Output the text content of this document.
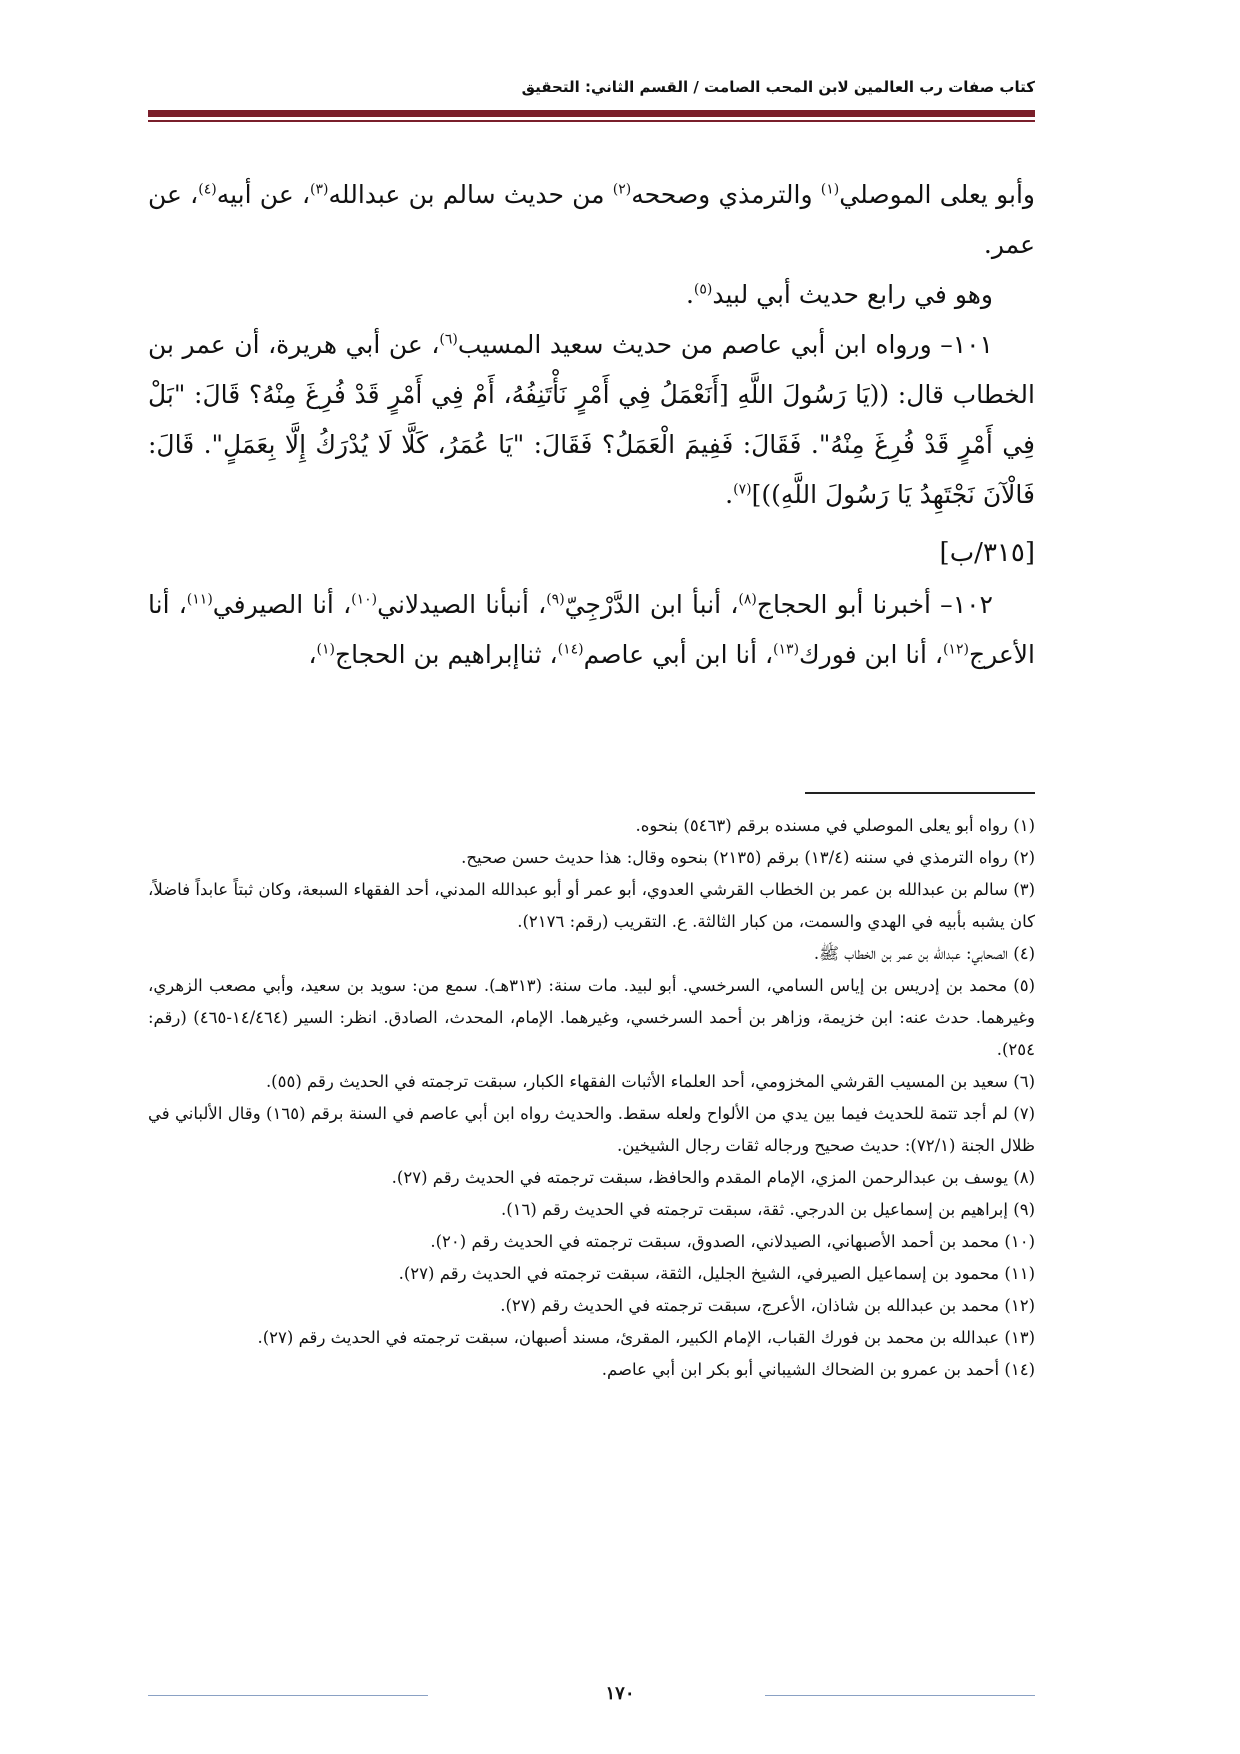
كتاب صفات رب العالمين لابن المحب الصامت / القسم الثاني: التحقيق

وأبو يعلى الموصلي$^{(١)}$ والترمذي وصححه$^{(٢)}$ من حديث سالم بن عبدالله$^{(٣)}$، عن أبيه$^{(٤)}$، عن عمر.

وهو في رابع حديث أبي لبيد$^{(٥)}$.

١٠١– ورواه ابن أبي عاصم من حديث سعيد المسيب$^{(٦)}$، عن أبي هريرة، أن عمر بن الخطاب قال: ((يَا رَسُولَ اللَّهِ [أَنَعْمَلُ فِي أَمْرٍ نَأْتَنِفُهُ، أَمْ فِي أَمْرٍ قَدْ فُرِغَ مِنْهُ؟ قَالَ: "بَلْ فِي أَمْرٍ قَدْ فُرِغَ مِنْهُ". فَقَالَ: فَفِيمَ الْعَمَلُ؟ فَقَالَ: "يَا عُمَرُ، كَلَّا لَا يُدْرَكُ إِلَّا بِعَمَلٍ". قَالَ: فَالْآنَ نَجْتَهِدُ يَا رَسُولَ اللَّهِ))]$^{(٧)}$.

[٣١٥/ب]

١٠٢– أخبرنا أبو الحجاج$^{(٨)}$، أنبأ ابن الدَّرْجِيّ$^{(٩)}$، أنبأنا الصيدلاني$^{(١٠)}$، أنا الصيرفي$^{(١١)}$، أنا الأعرج$^{(١٢)}$، أنا ابن فورك$^{(١٣)}$، أنا ابن أبي عاصم$^{(١٤)}$، ثناإبراهيم بن الحجاج$^{(١)}$،

(١) رواه أبو يعلى الموصلي في مسنده برقم (٥٤٦٣) بنحوه.
(٢) رواه الترمذي في سننه (١٣/٤) برقم (٢١٣٥) بنحوه وقال: هذا حديث حسن صحيح.
(٣) سالم بن عبدالله بن عمر بن الخطاب القرشي العدوي، أبو عمر أو أبو عبدالله المدني، أحد الفقهاء السبعة، وكان ثبتاً عابداً فاضلاً، كان يشبه بأبيه في الهدي والسمت، من كبار الثالثة. ع. التقريب (رقم: ٢١٧٦).
(٤) الصحابي: عبدالله بن عمر بن الخطاب ﷺ.
(٥) محمد بن إدريس بن إياس السامي، السرخسي. أبو لبيد. مات سنة: (٣١٣هـ). سمع من: سويد بن سعيد، وأبي مصعب الزهري، وغيرهما. حدث عنه: ابن خزيمة، وزاهر بن أحمد السرخسي، وغيرهما. الإمام، المحدث، الصادق. انظر: السير (١٤/٤٦٤-٤٦٥) (رقم: ٢٥٤).
(٦) سعيد بن المسيب القرشي المخزومي، أحد العلماء الأثبات الفقهاء الكبار، سبقت ترجمته في الحديث رقم (٥٥).
(٧) لم أجد تتمة للحديث فيما بين يدي من الألواح ولعله سقط. والحديث رواه ابن أبي عاصم في السنة برقم (١٦٥) وقال الألباني في ظلال الجنة (٧٢/١): حديث صحيح ورجاله ثقات رجال الشيخين.
(٨) يوسف بن عبدالرحمن المزي، الإمام المقدم والحافظ، سبقت ترجمته في الحديث رقم (٢٧).
(٩) إبراهيم بن إسماعيل بن الدرجي. ثقة، سبقت ترجمته في الحديث رقم (١٦).
(١٠) محمد بن أحمد الأصبهاني، الصيدلاني، الصدوق، سبقت ترجمته في الحديث رقم (٢٠).
(١١) محمود بن إسماعيل الصيرفي، الشيخ الجليل، الثقة، سبقت ترجمته في الحديث رقم (٢٧).
(١٢) محمد بن عبدالله بن شاذان، الأعرج، سبقت ترجمته في الحديث رقم (٢٧).
(١٣) عبدالله بن محمد بن فورك القباب، الإمام الكبير، المقرئ، مسند أصبهان، سبقت ترجمته في الحديث رقم (٢٧).
(١٤) أحمد بن عمرو بن الضحاك الشيباني أبو بكر ابن أبي عاصم.
١٧٠
